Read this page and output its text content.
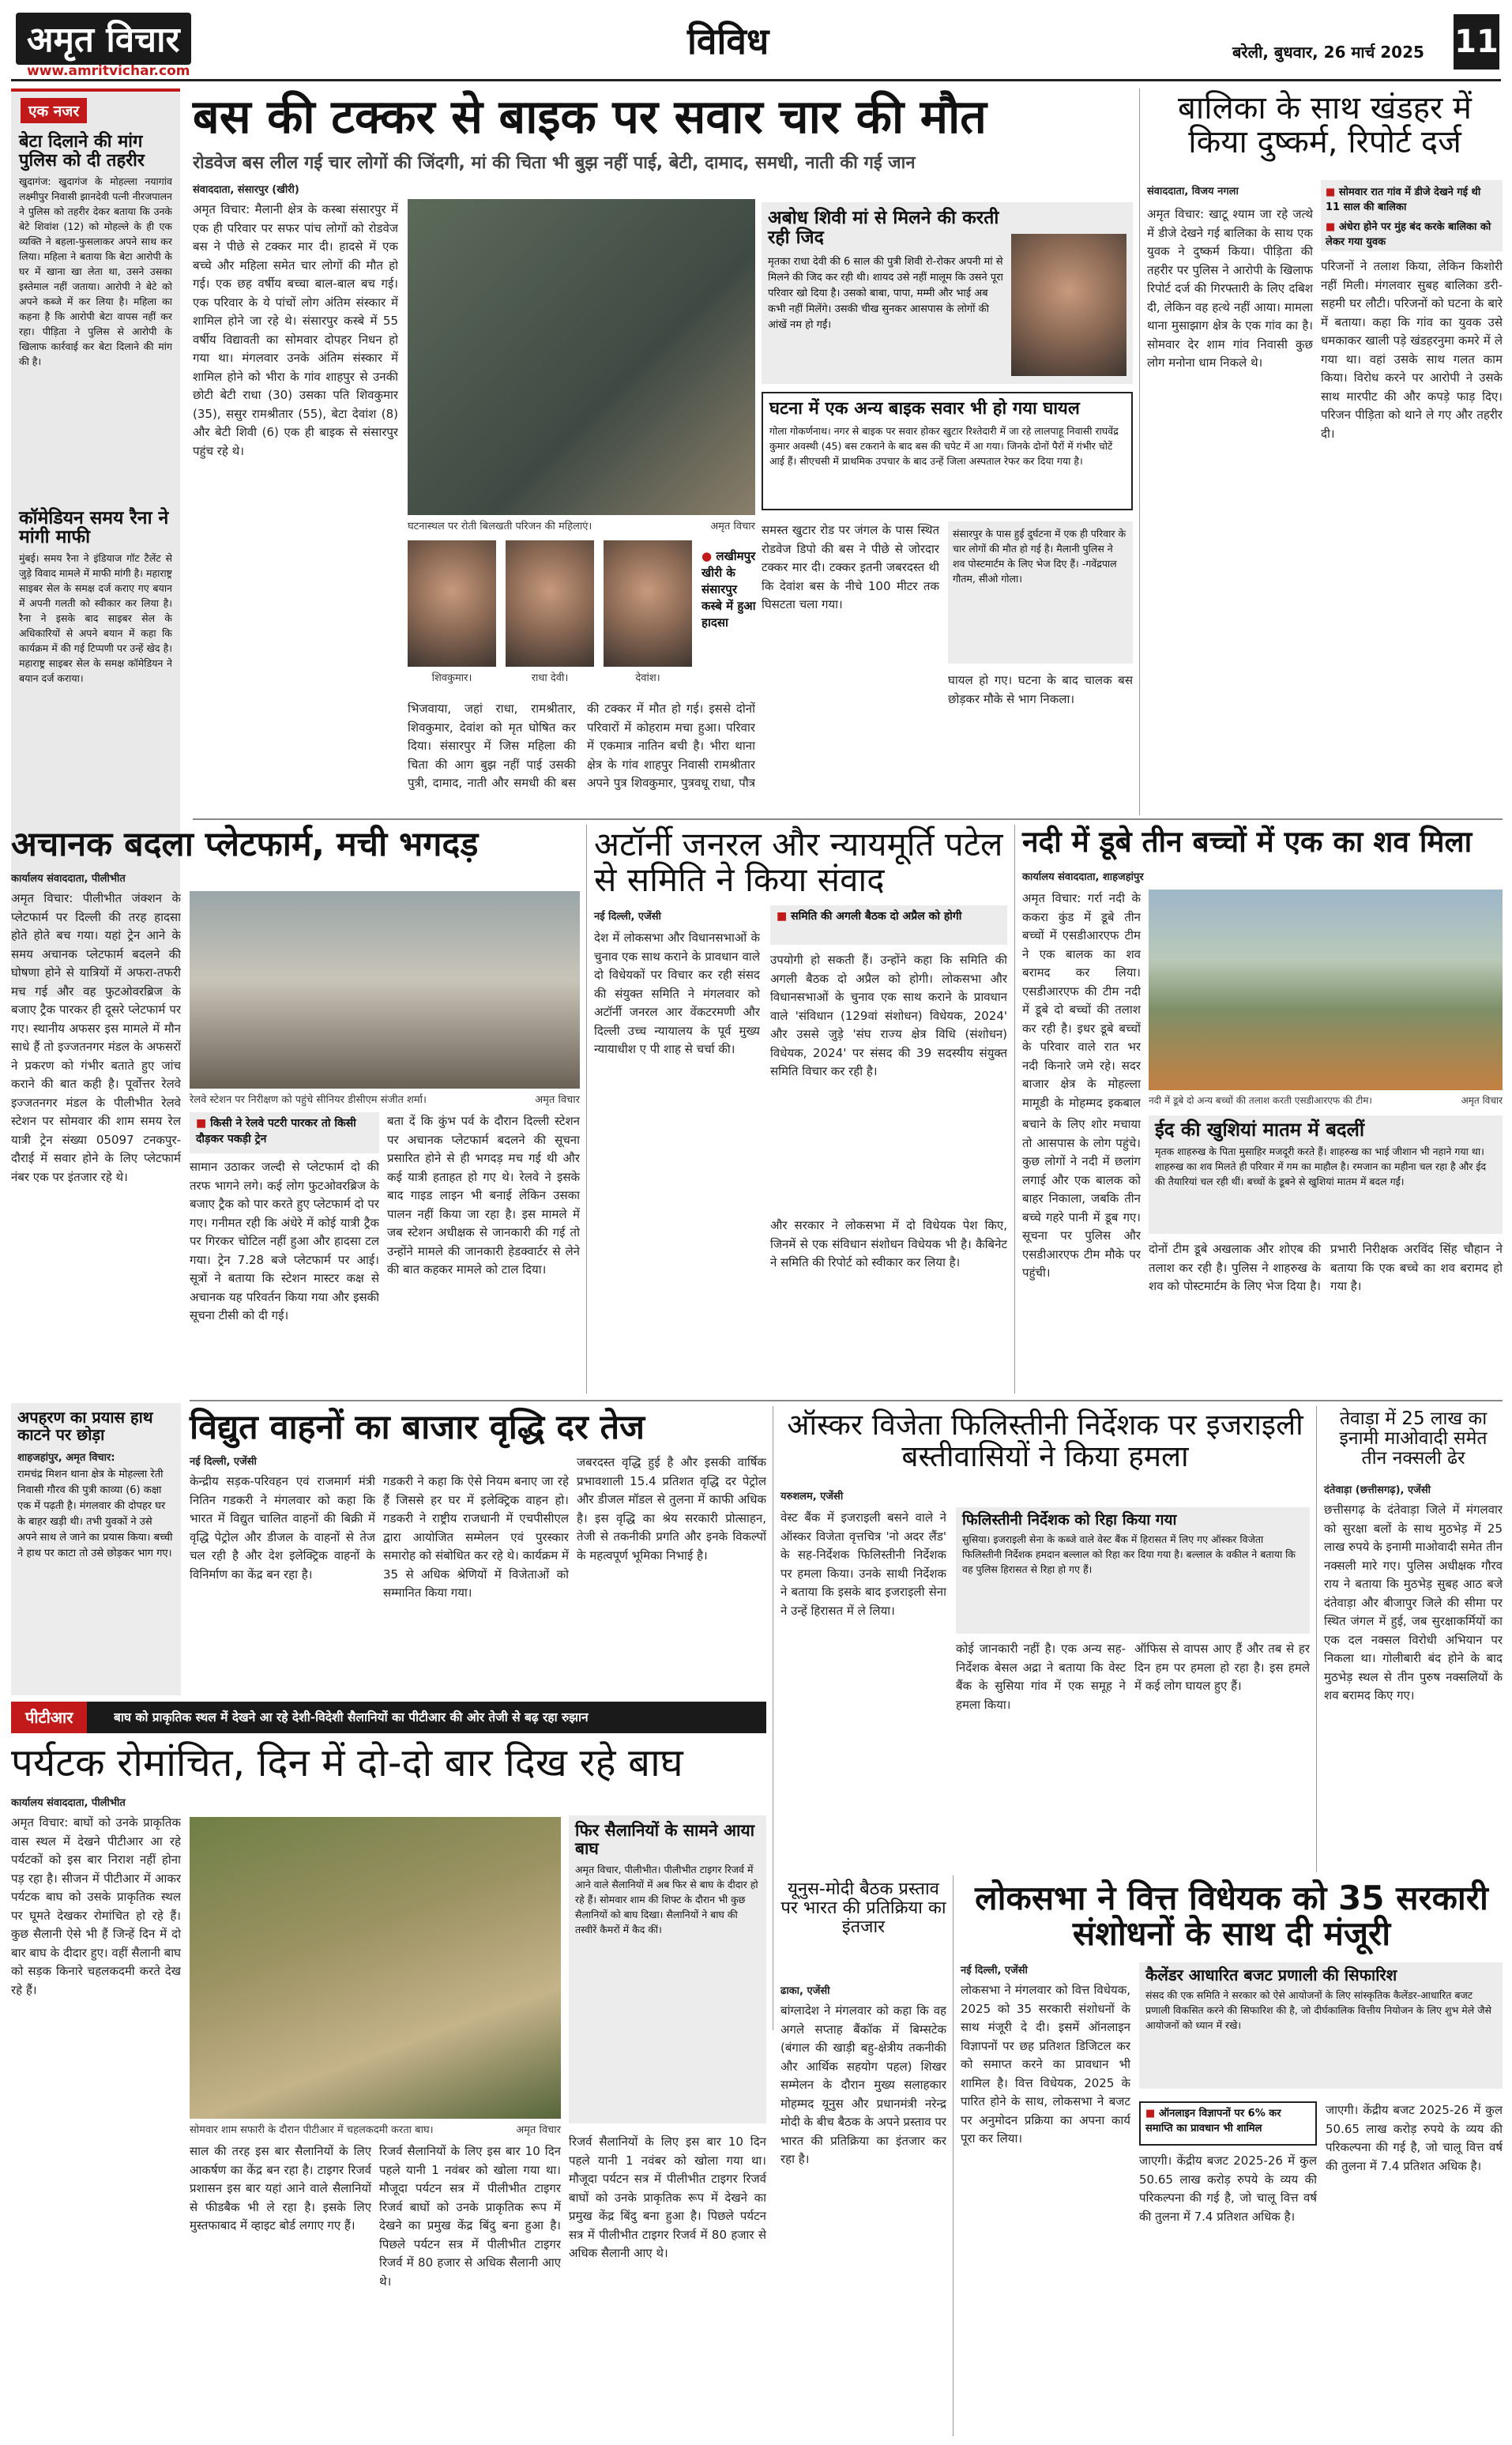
अमृत विचार
www.amritvichar.com
विविध	बरेली, बुधवार, 26 मार्च 2025 11
एक नजर
बेटा दिलाने की मांग पुलिस को दी तहरीर
खुदागंज: खुदागंज के मोहल्ला नयागांव लक्ष्मीपुर निवासी झानदेवी पत्नी नीरजपालन ने पुलिस को तहरीर देकर बताया कि उनके बेटे शिवांश (12) को मोहल्ले के ही एक व्यक्ति ने बहला-फुसलाकर अपने साथ कर लिया। महिला ने बताया कि बेटा आरोपी के घर में खाना खा लेता था, उसने उसका इस्तेमाल नहीं जताया। आरोपी ने बेटे को अपने कब्जे में कर लिया है। महिला का कहना है कि आरोपी बेटा वापस नहीं कर रहा। पीड़िता ने पुलिस से आरोपी के खिलाफ कार्रवाई कर बेटा दिलाने की मांग की है।
कॉमेडियन समय रैना ने मांगी माफी
मुंबई। समय रैना ने इंडियाज गॉट टैलेंट से जुड़े विवाद मामले में माफी मांगी है। महाराष्ट्र साइबर सेल के समक्ष दर्ज कराए गए बयान में अपनी गलती को स्वीकार कर लिया है। रैना ने इसके बाद साइबर सेल के अधिकारियों से अपने बयान में कहा कि कार्यक्रम में की गई टिप्पणी पर उन्हें खेद है। महाराष्ट्र साइबर सेल के समक्ष कॉमेडियन ने बयान दर्ज कराया।
बस की टक्कर से बाइक पर सवार चार की मौत
रोडवेज बस लील गई चार लोगों की जिंदगी, मां की चिता भी बुझ नहीं पाई, बेटी, दामाद, समधी, नाती की गई जान
संवाददाता, संसारपुर (खीरी)
अमृत विचार: मैलानी क्षेत्र के कस्बा संसारपुर में एक ही परिवार पर सफर पांच लोगों को रोडवेज बस ने पीछे से टक्कर मार दी। हादसे में एक बच्चे और महिला समेत चार लोगों की मौत हो गई। एक छह वर्षीय बच्चा बाल-बाल बच गई। एक परिवार के ये पांचों लोग अंतिम संस्कार में शामिल होने जा रहे थे। संसारपुर कस्बे में 55 वर्षीय विद्यावती का सोमवार दोपहर निधन हो गया था। मंगलवार उनके अंतिम संस्कार में शामिल होने को भीरा के गांव शाहपुर से उनकी छोटी बेटी राधा (30) उसका पति शिवकुमार (35), ससुर रामश्रीतार (55), बेटा देवांश (8) और बेटी शिवी (6) एक ही बाइक से संसारपुर पहुंच रहे थे।
घटनास्थल पर रोती बिलखती परिजन की महिलाएं।	अमृत विचार
शिवकुमार।	राधा देवी।	देवांश।
● लखीमपुर खीरी के संसारपुर कस्बे में हुआ हादसा
भिजवाया, जहां राधा, रामश्रीतार, शिवकुमार, देवांश को मृत घोषित कर दिया। संसारपुर में जिस महिला की चिता की आग बुझ नहीं पाई उसकी पुत्री, दामाद, नाती और समधी की बस की टक्कर में मौत हो गई। इससे दोनों परिवारों में कोहराम मचा हुआ। परिवार में एकमात्र नातिन बची है। भीरा थाना क्षेत्र के गांव शाहपुर निवासी रामश्रीतार अपने पुत्र शिवकुमार, पुत्रवधू राधा, पौत्र
अबोध शिवी मां से मिलने की करती रही जिद
मृतका राधा देवी की 6 साल की पुत्री शिवी रो-रोकर अपनी मां से मिलने की जिद कर रही थी। शायद उसे नहीं मालूम कि उसने पूरा परिवार खो दिया है। उसको बाबा, पापा, मम्मी और भाई अब कभी नहीं मिलेंगे। उसकी चीख सुनकर आसपास के लोगों की आंखें नम हो गईं।
घटना में एक अन्य बाइक सवार भी हो गया घायल
गोला गोकर्णनाथ। नगर से बाइक पर सवार होकर खुटार रिश्तेदारी में जा रहे लालपाहू निवासी राघवेंद्र कुमार अवस्थी (45) बस टकराने के बाद बस की चपेट में आ गया। जिनके दोनों पैरों में गंभीर चोटें आई हैं। सीएचसी में प्राथमिक उपचार के बाद उन्हें जिला अस्पताल रेफर कर दिया गया है।
समस्त खुटार रोड पर जंगल के पास स्थित रोडवेज डिपो की बस ने पीछे से जोरदार टक्कर मार दी। टक्कर इतनी जबरदस्त थी कि देवांश बस के नीचे 100 मीटर तक घिसटता चला गया।
संसारपुर के पास हुई दुर्घटना में एक ही परिवार के चार लोगों की मौत हो गई है। मैलानी पुलिस ने शव पोस्टमार्टम के लिए भेज दिए हैं। -गवेंद्रपाल गौतम, सीओ गोला।
घायल हो गए। घटना के बाद चालक बस छोड़कर मौके से भाग निकला।
बालिका के साथ खंडहर में किया दुष्कर्म, रिपोर्ट दर्ज
संवाददाता, विजय नगला	■ सोमवार रात गांव में डीजे देखने गई थी 11 साल की बालिका
■ अंधेरा होने पर मुंह बंद करके बालिका को लेकर गया युवक
अमृत विचार: खाटू श्याम जा रहे जत्थे में डीजे देखने गई बालिका के साथ एक युवक ने दुष्कर्म किया। पीड़िता की तहरीर पर पुलिस ने आरोपी के खिलाफ रिपोर्ट दर्ज की गिरफ्तारी के लिए दबिश दी, लेकिन वह हत्थे नहीं आया। मामला थाना मुसाझाग क्षेत्र के एक गांव का है। सोमवार देर शाम गांव निवासी कुछ लोग मनोना धाम निकले थे।
परिजनों ने तलाश किया, लेकिन किशोरी नहीं मिली। मंगलवार सुबह बालिका डरी-सहमी घर लौटी। परिजनों को घटना के बारे में बताया। कहा कि गांव का युवक उसे धमकाकर खाली पड़े खंडहरनुमा कमरे में ले गया था। वहां उसके साथ गलत काम किया। विरोध करने पर आरोपी ने उसके साथ मारपीट की और कपड़े फाड़ दिए। परिजन पीड़िता को थाने ले गए और तहरीर दी।
अचानक बदला प्लेटफार्म, मची भगदड़
कार्यालय संवाददाता, पीलीभीत
अमृत विचार: पीलीभीत जंक्शन के प्लेटफार्म पर दिल्ली की तरह हादसा होते होते बच गया। यहां ट्रेन आने के समय अचानक प्लेटफार्म बदलने की घोषणा होने से यात्रियों में अफरा-तफरी मच गई और वह फुटओवरब्रिज के बजाए ट्रैक पारकर ही दूसरे प्लेटफार्म पर गए। स्थानीय अफसर इस मामले में मौन साधे हैं तो इज्जतनगर मंडल के अफसरों ने प्रकरण को गंभीर बताते हुए जांच कराने की बात कही है। पूर्वोत्तर रेलवे इज्जतनगर मंडल के पीलीभीत रेलवे स्टेशन पर सोमवार की शाम समय रेल यात्री ट्रेन संख्या 05097 टनकपुर-दौराई में सवार होने के लिए प्लेटफार्म नंबर एक पर इंतजार रहे थे।
रेलवे स्टेशन पर निरीक्षण को पहुंचे सीनियर डीसीएम संजीत शर्मा।	अमृत विचार
■ किसी ने रेलवे पटरी पारकर तो किसी दौड़कर पकड़ी ट्रेन
सामान उठाकर जल्दी से प्लेटफार्म दो की तरफ भागने लगे। कई लोग फुटओवरब्रिज के बजाए ट्रैक को पार करते हुए प्लेटफार्म दो पर गए। गनीमत रही कि अंधेरे में कोई यात्री ट्रैक पर गिरकर चोटिल नहीं हुआ और हादसा टल गया। ट्रेन 7.28 बजे प्लेटफार्म पर आई। सूत्रों ने बताया कि स्टेशन मास्टर कक्ष से अचानक यह परिवर्तन किया गया और इसकी सूचना टीसी को दी गई।
बता दें कि कुंभ पर्व के दौरान दिल्ली स्टेशन पर अचानक प्लेटफार्म बदलने की सूचना प्रसारित होने से ही भगदड़ मच गई थी और कई यात्री हताहत हो गए थे। रेलवे ने इसके बाद गाइड लाइन भी बनाई लेकिन उसका पालन नहीं किया जा रहा है। इस मामले में जब स्टेशन अधीक्षक से जानकारी की गई तो उन्होंने मामले की जानकारी हेडक्वार्टर से लेने की बात कहकर मामले को टाल दिया।
अपहरण का प्रयास हाथ काटने पर छोड़ा
शाहजहांपुर, अमृत विचार:
रामचंद्र मिशन थाना क्षेत्र के मोहल्ला रेती निवासी गौरव की पुत्री काव्या (6) कक्षा एक में पढ़ती है। मंगलवार की दोपहर घर के बाहर खड़ी थी। तभी युवकों ने उसे अपने साथ ले जाने का प्रयास किया। बच्ची ने हाथ पर काटा तो उसे छोड़कर भाग गए।
अटॉर्नी जनरल और न्यायमूर्ति पटेल से समिति ने किया संवाद
नई दिल्ली, एजेंसी	■ समिति की अगली बैठक दो अप्रैल को होगी
देश में लोकसभा और विधानसभाओं के चुनाव एक साथ कराने के प्रावधान वाले दो विधेयकों पर विचार कर रही संसद की संयुक्त समिति ने मंगलवार को अटॉर्नी जनरल आर वेंकटरमणी और दिल्ली उच्च न्यायालय के पूर्व मुख्य न्यायाधीश ए पी शाह से चर्चा की।
उपयोगी हो सकती हैं। उन्होंने कहा कि समिति की अगली बैठक दो अप्रैल को होगी। लोकसभा और विधानसभाओं के चुनाव एक साथ कराने के प्रावधान वाले 'संविधान (129वां संशोधन) विधेयक, 2024' और उससे जुड़े 'संघ राज्य क्षेत्र विधि (संशोधन) विधेयक, 2024' पर संसद की 39 सदस्यीय संयुक्त समिति विचार कर रही है।
और सरकार ने लोकसभा में दो विधेयक पेश किए, जिनमें से एक संविधान संशोधन विधेयक भी है। कैबिनेट ने समिति की रिपोर्ट को स्वीकार कर लिया है।
नदी में डूबे तीन बच्चों में एक का शव मिला
कार्यालय संवाददाता, शाहजहांपुर
अमृत विचार: गर्रा नदी के ककरा कुंड में डूबे तीन बच्चों में एसडीआरएफ टीम ने एक बालक का शव बरामद कर लिया। एसडीआरएफ की टीम नदी में डूबे दो बच्चों की तलाश कर रही है। इधर डूबे बच्चों के परिवार वाले रात भर नदी किनारे जमे रहे। सदर बाजार क्षेत्र के मोहल्ला मामूडी के मोहम्मद इकबाल नदी में डूबे दो अन्य बच्चों की तलाश करती एसडीआरएफ की टीम।	अमृत विचार
ईद की खुशियां मातम में बदलीं
मृतक शाहरुख के पिता मुसाहिर मजदूरी करते हैं। शाहरुख का भाई जीशान भी नहाने गया था। शाहरुख का शव मिलते ही परिवार में गम का माहौल है। रमजान का महीना चल रहा है और ईद की तैयारियां चल रही थीं। बच्चों के डूबने से खुशियां मातम में बदल गईं।
बचाने के लिए शोर मचाया तो आसपास के लोग पहुंचे। कुछ लोगों ने नदी में छलांग लगाई और एक बालक को बाहर निकाला, जबकि तीन बच्चे गहरे पानी में डूब गए। सूचना पर पुलिस और एसडीआरएफ टीम मौके पर पहुंची।
दोनों टीम डूबे अखलाक और शोएब की तलाश कर रही है। पुलिस ने शाहरुख के शव को पोस्टमार्टम के लिए भेज दिया है। प्रभारी निरीक्षक अरविंद सिंह चौहान ने बताया कि एक बच्चे का शव बरामद हो गया है।
विद्युत वाहनों का बाजार वृद्धि दर तेज
नई दिल्ली, एजेंसी
केन्द्रीय सड़क-परिवहन एवं राजमार्ग मंत्री नितिन गडकरी ने मंगलवार को कहा कि भारत में विद्युत चालित वाहनों की बिक्री में वृद्धि पेट्रोल और डीजल के वाहनों से तेज चल रही है और देश इलेक्ट्रिक वाहनों के विनिर्माण का केंद्र बन रहा है।
गडकरी ने कहा कि ऐसे नियम बनाए जा रहे हैं जिससे हर घर में इलेक्ट्रिक वाहन हो। गडकरी ने राष्ट्रीय राजधानी में एचपीसीएल द्वारा आयोजित सम्मेलन एवं पुरस्कार समारोह को संबोधित कर रहे थे। कार्यक्रम में 35 से अधिक श्रेणियों में विजेताओं को सम्मानित किया गया।
जबरदस्त वृद्धि हुई है और इसकी वार्षिक प्रभावशाली 15.4 प्रतिशत वृद्धि दर पेट्रोल और डीजल मॉडल से तुलना में काफी अधिक है। इस वृद्धि का श्रेय सरकारी प्रोत्साहन, तेजी से तकनीकी प्रगति और इनके विकल्पों के महत्वपूर्ण भूमिका निभाई है।
ऑस्कर विजेता फिलिस्तीनी निर्देशक पर इजराइली बस्तीवासियों ने किया हमला
यरुशलम, एजेंसी
वेस्ट बैंक में इजराइली बसने वाले ने ऑस्कर विजेता वृत्तचित्र 'नो अदर लैंड' के सह-निर्देशक फिलिस्तीनी निर्देशक पर हमला किया। उनके साथी निर्देशक ने बताया कि इसके बाद इजराइली सेना ने उन्हें हिरासत में ले लिया।
फिलिस्तीनी निर्देशक को रिहा किया गया
सुसिया। इजराइली सेना के कब्जे वाले वेस्ट बैंक में हिरासत में लिए गए ऑस्कर विजेता फिलिस्तीनी निर्देशक हमदान बल्लाल को रिहा कर दिया गया है। बल्लाल के वकील ने बताया कि वह पुलिस हिरासत से रिहा हो गए हैं।
कोई जानकारी नहीं है। एक अन्य सह-निर्देशक बेसल अद्रा ने बताया कि वेस्ट बैंक के सुसिया गांव में एक समूह ने हमला किया।
ऑफिस से वापस आए हैं और तब से हर दिन हम पर हमला हो रहा है। इस हमले में कई लोग घायल हुए हैं।
तेवाड़ा में 25 लाख का इनामी माओवादी समेत तीन नक्सली ढेर
दंतेवाड़ा (छत्तीसगढ़), एजेंसी
छत्तीसगढ़ के दंतेवाड़ा जिले में मंगलवार को सुरक्षा बलों के साथ मुठभेड़ में 25 लाख रुपये के इनामी माओवादी समेत तीन नक्सली मारे गए। पुलिस अधीक्षक गौरव राय ने बताया कि मुठभेड़ सुबह आठ बजे दंतेवाड़ा और बीजापुर जिले की सीमा पर स्थित जंगल में हुई, जब सुरक्षाकर्मियों का एक दल नक्सल विरोधी अभियान पर निकला था। गोलीबारी बंद होने के बाद मुठभेड़ स्थल से तीन पुरुष नक्सलियों के शव बरामद किए गए।
पीटीआर	बाघ को प्राकृतिक स्थल में देखने आ रहे देशी-विदेशी सैलानियों का पीटीआर की ओर तेजी से बढ़ रहा रुझान
पर्यटक रोमांचित, दिन में दो-दो बार दिख रहे बाघ
कार्यालय संवाददाता, पीलीभीत
अमृत विचार: बाघों को उनके प्राकृतिक वास स्थल में देखने पीटीआर आ रहे पर्यटकों को इस बार निराश नहीं होना पड़ रहा है। सीजन में पीटीआर में आकर पर्यटक बाघ को उसके प्राकृतिक स्थल पर घूमते देखकर रोमांचित हो रहे हैं। कुछ सैलानी ऐसे भी हैं जिन्हें दिन में दो बार बाघ के दीदार हुए। वहीं सैलानी बाघ को सड़क किनारे चहलकदमी करते देख रहे हैं।
सोमवार शाम सफारी के दौरान पीटीआर में चहलकदमी करता बाघ।	अमृत विचार
फिर सैलानियों के सामने आया बाघ
अमृत विचार, पीलीभीत। पीलीभीत टाइगर रिजर्व में आने वाले सैलानियों में अब फिर से बाघ के दीदार हो रहे हैं। सोमवार शाम की शिफ्ट के दौरान भी कुछ सैलानियों को बाघ दिखा। सैलानियों ने बाघ की तस्वीरें कैमरों में कैद कीं।
साल की तरह इस बार सैलानियों के लिए आकर्षण का केंद्र बन रहा है। टाइगर रिजर्व प्रशासन इस बार यहां आने वाले सैलानियों से फीडबैक भी ले रहा है। इसके लिए मुस्तफाबाद में व्हाइट बोर्ड लगाए गए हैं।
रिजर्व सैलानियों के लिए इस बार 10 दिन पहले यानी 1 नवंबर को खोला गया था। मौजूदा पर्यटन सत्र में पीलीभीत टाइगर रिजर्व बाघों को उनके प्राकृतिक रूप में देखने का प्रमुख केंद्र बिंदु बना हुआ है। पिछले पर्यटन सत्र में पीलीभीत टाइगर रिजर्व में 80 हजार से अधिक सैलानी आए थे।
यूनुस-मोदी बैठक प्रस्ताव पर भारत की प्रतिक्रिया का इंतजार
ढाका, एजेंसी
रिजर्व सैलानियों के लिए इस बार 10 दिन पहले यानी 1 नवंबर को खोला गया था। मौजूदा पर्यटन सत्र में पीलीभीत टाइगर रिजर्व बाघों को उनके प्राकृतिक रूप में देखने का प्रमुख केंद्र बिंदु बना हुआ है। पिछले पर्यटन सत्र में पीलीभीत टाइगर रिजर्व में 80 हजार से अधिक सैलानी आए थे।
बांग्लादेश ने मंगलवार को कहा कि वह अगले सप्ताह बैंकॉक में बिम्सटेक (बंगाल की खाड़ी बहु-क्षेत्रीय तकनीकी और आर्थिक सहयोग पहल) शिखर सम्मेलन के दौरान मुख्य सलाहकार मोहम्मद यूनुस और प्रधानमंत्री नरेन्द्र मोदी के बीच बैठक के अपने प्रस्ताव पर भारत की प्रतिक्रिया का इंतजार कर रहा है।
लोकसभा ने वित्त विधेयक को 35 सरकारी संशोधनों के साथ दी मंजूरी
नई दिल्ली, एजेंसी
लोकसभा ने मंगलवार को वित्त विधेयक, 2025 को 35 सरकारी संशोधनों के साथ मंजूरी दे दी। इसमें ऑनलाइन विज्ञापनों पर छह प्रतिशत डिजिटल कर को समाप्त करने का प्रावधान भी शामिल है। वित्त विधेयक, 2025 के पारित होने के साथ, लोकसभा ने बजट पर अनुमोदन प्रक्रिया का अपना कार्य पूरा कर लिया।
कैलेंडर आधारित बजट प्रणाली की सिफारिश
संसद की एक समिति ने सरकार को ऐसे आयोजनों के लिए सांस्कृतिक कैलेंडर-आधारित बजट प्रणाली विकसित करने की सिफारिश की है, जो दीर्घकालिक वित्तीय नियोजन के लिए शुभ मेले जैसे आयोजनों को ध्यान में रखे।
■ ऑनलाइन विज्ञापनों पर 6% कर समाप्ति का प्रावधान भी शामिल
जाएगी। केंद्रीय बजट 2025-26 में कुल 50.65 लाख करोड़ रुपये के व्यय की परिकल्पना की गई है, जो चालू वित्त वर्ष की तुलना में 7.4 प्रतिशत अधिक है।
जाएगी। केंद्रीय बजट 2025-26 में कुल 50.65 लाख करोड़ रुपये के व्यय की परिकल्पना की गई है, जो चालू वित्त वर्ष की तुलना में 7.4 प्रतिशत अधिक है।
